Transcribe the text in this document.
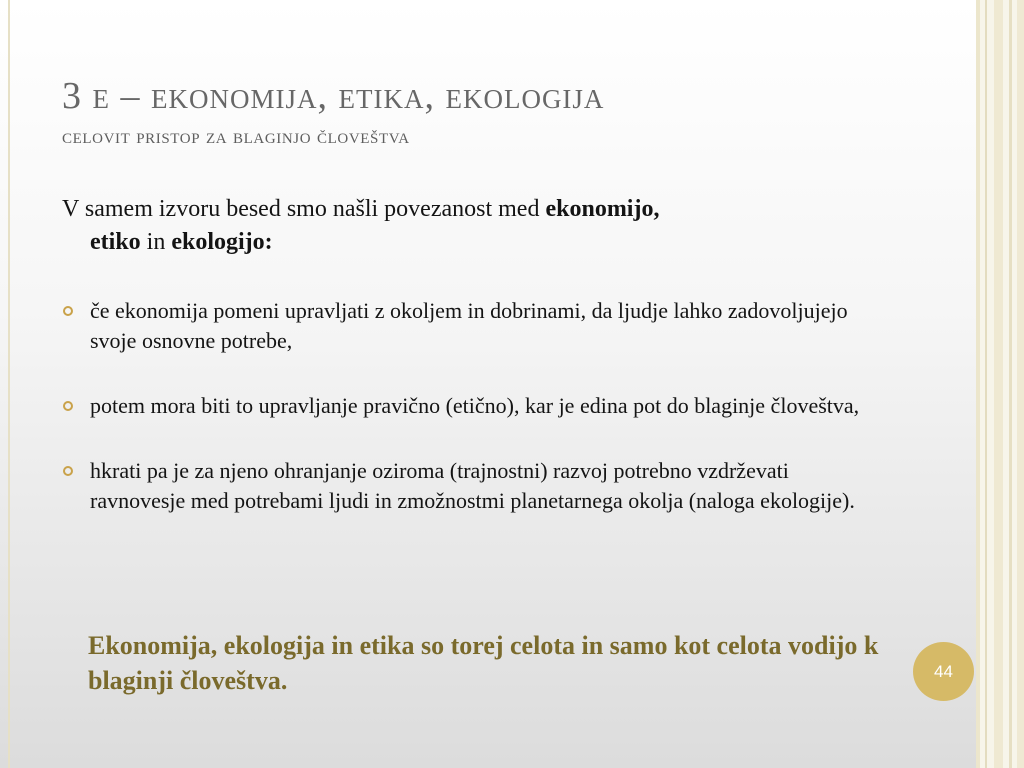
3 e – ekonomija, etika, ekologija
celovit pristop za blaginjo človeštva

V samem izvoru besed smo našli povezanost med ekonomijo,
etiko in ekologijo:

če ekonomija pomeni upravljati z okoljem in dobrinami, da ljudje lahko zadovoljujejo svoje osnovne potrebe,
potem mora biti to upravljanje pravično (etično), kar je edina pot do blaginje človeštva,
hkrati pa je za njeno ohranjanje oziroma (trajnostni) razvoj potrebno vzdrževati ravnovesje med potrebami ljudi in zmožnostmi planetarnega okolja (naloga ekologije).

Ekonomija, ekologija in etika so torej celota in samo kot celota vodijo k blaginji človeštva.	44
